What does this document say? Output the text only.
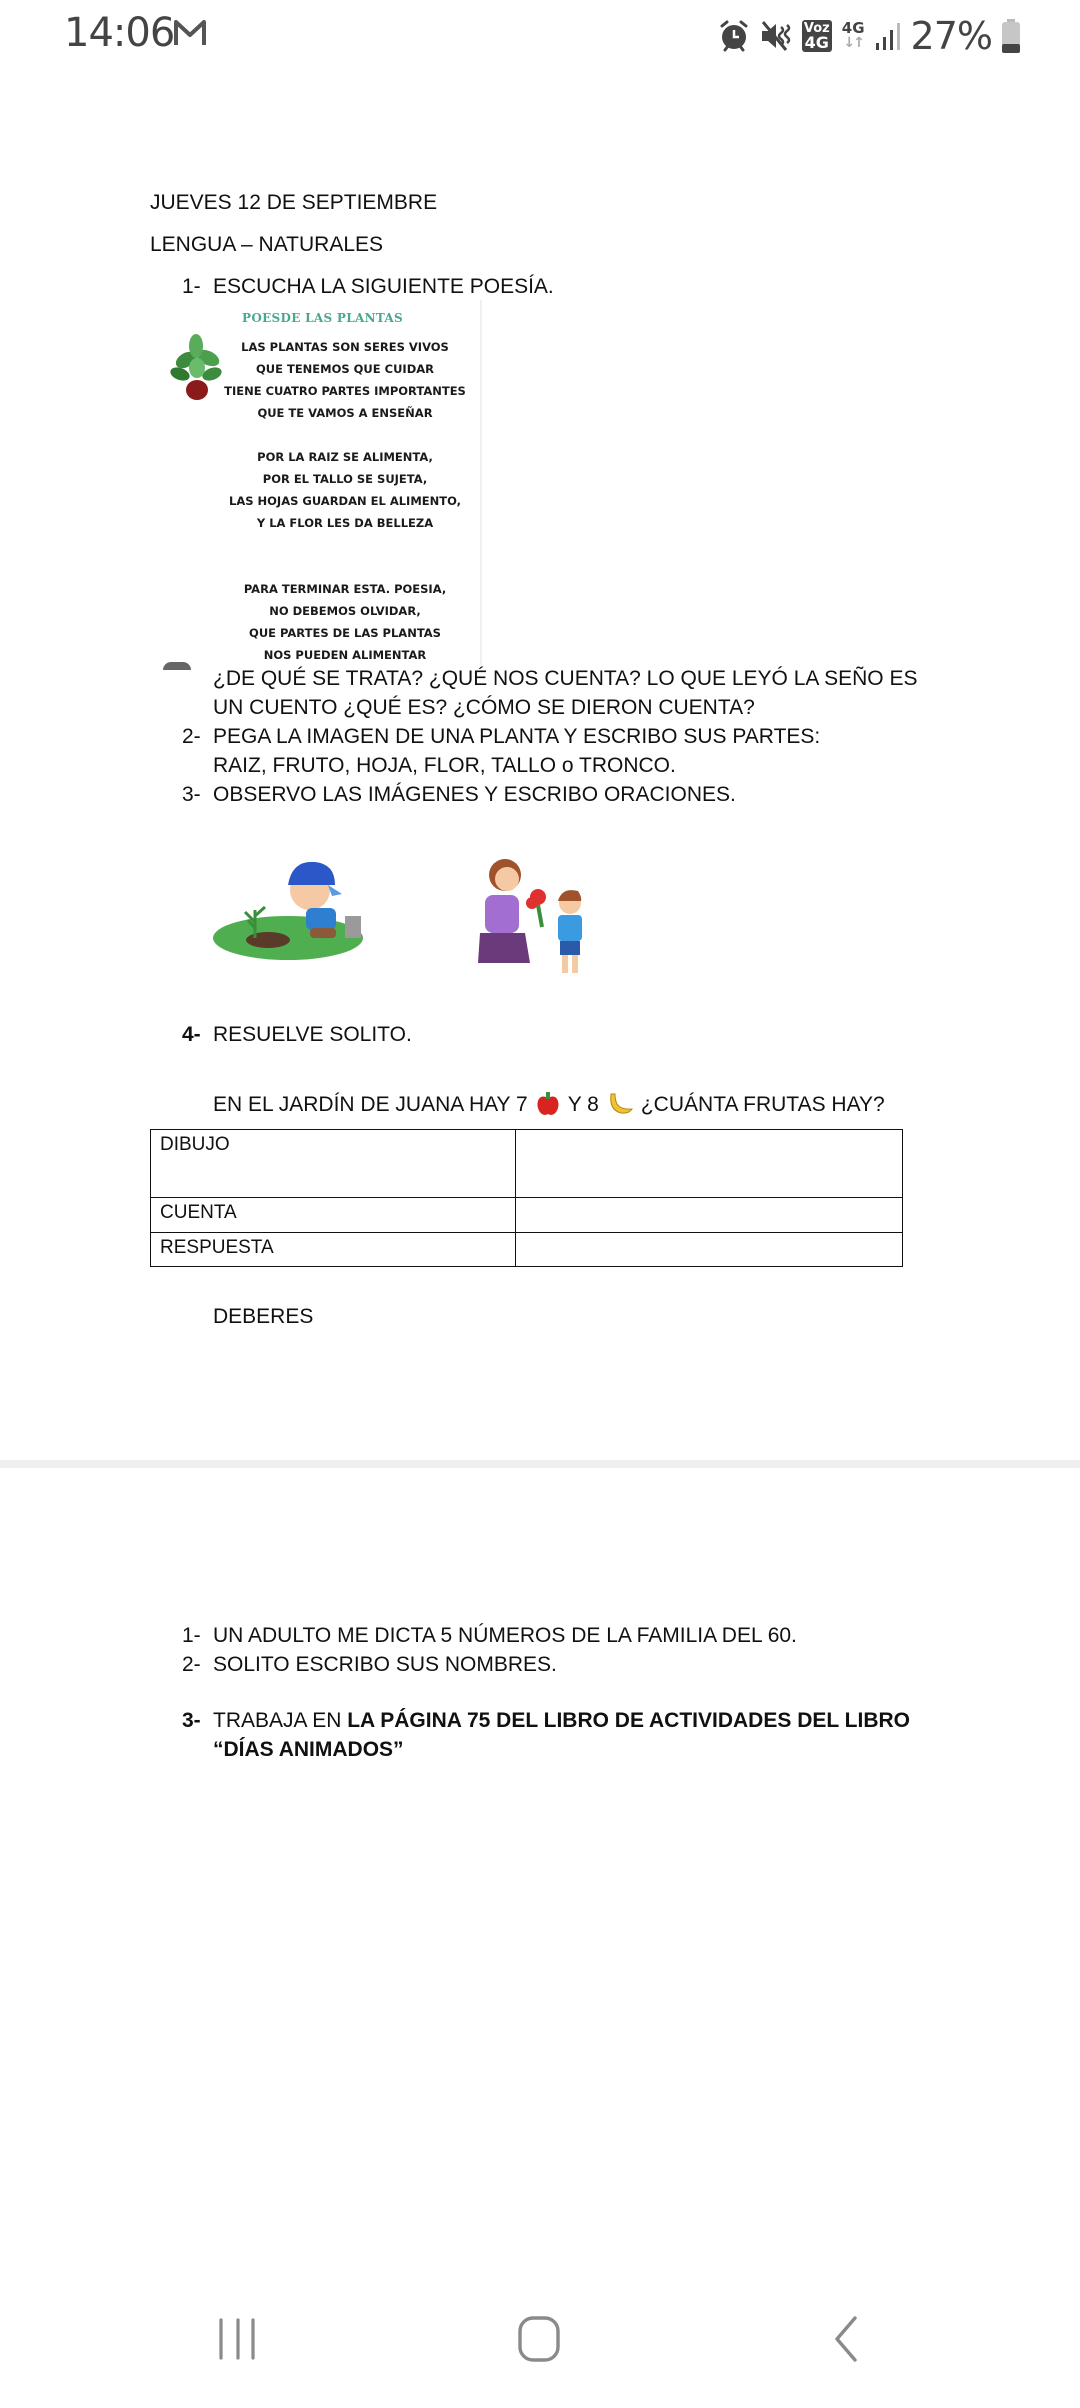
14:06	Voz
4G
4G
↓↑ 27%
JUEVES 12 DE SEPTIEMBRE
LENGUA – NATURALES
1- ESCUCHA LA SIGUIENTE POESÍA.
POESDE LAS PLANTAS
LAS PLANTAS SON SERES VIVOS
QUE TENEMOS QUE CUIDAR
TIENE CUATRO PARTES IMPORTANTES
QUE TE VAMOS A ENSEÑAR
POR LA RAIZ SE ALIMENTA,
POR EL TALLO SE SUJETA,
LAS HOJAS GUARDAN EL ALIMENTO,
Y LA FLOR LES DA BELLEZA
PARA TERMINAR ESTA. POESIA,
NO DEBEMOS OLVIDAR,
QUE PARTES DE LAS PLANTAS
NOS PUEDEN ALIMENTAR
¿DE QUÉ SE TRATA? ¿QUÉ NOS CUENTA? LO QUE LEYÓ LA SEÑO ES
UN CUENTO ¿QUÉ ES? ¿CÓMO SE DIERON CUENTA?
2- PEGA LA IMAGEN DE UNA PLANTA Y ESCRIBO SUS PARTES:
RAIZ, FRUTO, HOJA, FLOR, TALLO o TRONCO.
3- OBSERVO LAS IMÁGENES Y ESCRIBO ORACIONES.
4- RESUELVE SOLITO.
EN EL JARDÍN DE JUANA HAY 7 Y 8 ¿CUÁNTA FRUTAS HAY?
DIBUJO	
CUENTA	
RESPUESTA	
DEBERES
1- UN ADULTO ME DICTA 5 NÚMEROS DE LA FAMILIA DEL 60.
2- SOLITO ESCRIBO SUS NOMBRES.
3- TRABAJA EN LA PÁGINA 75 DEL LIBRO DE ACTIVIDADES DEL LIBRO
“DÍAS ANIMADOS”
